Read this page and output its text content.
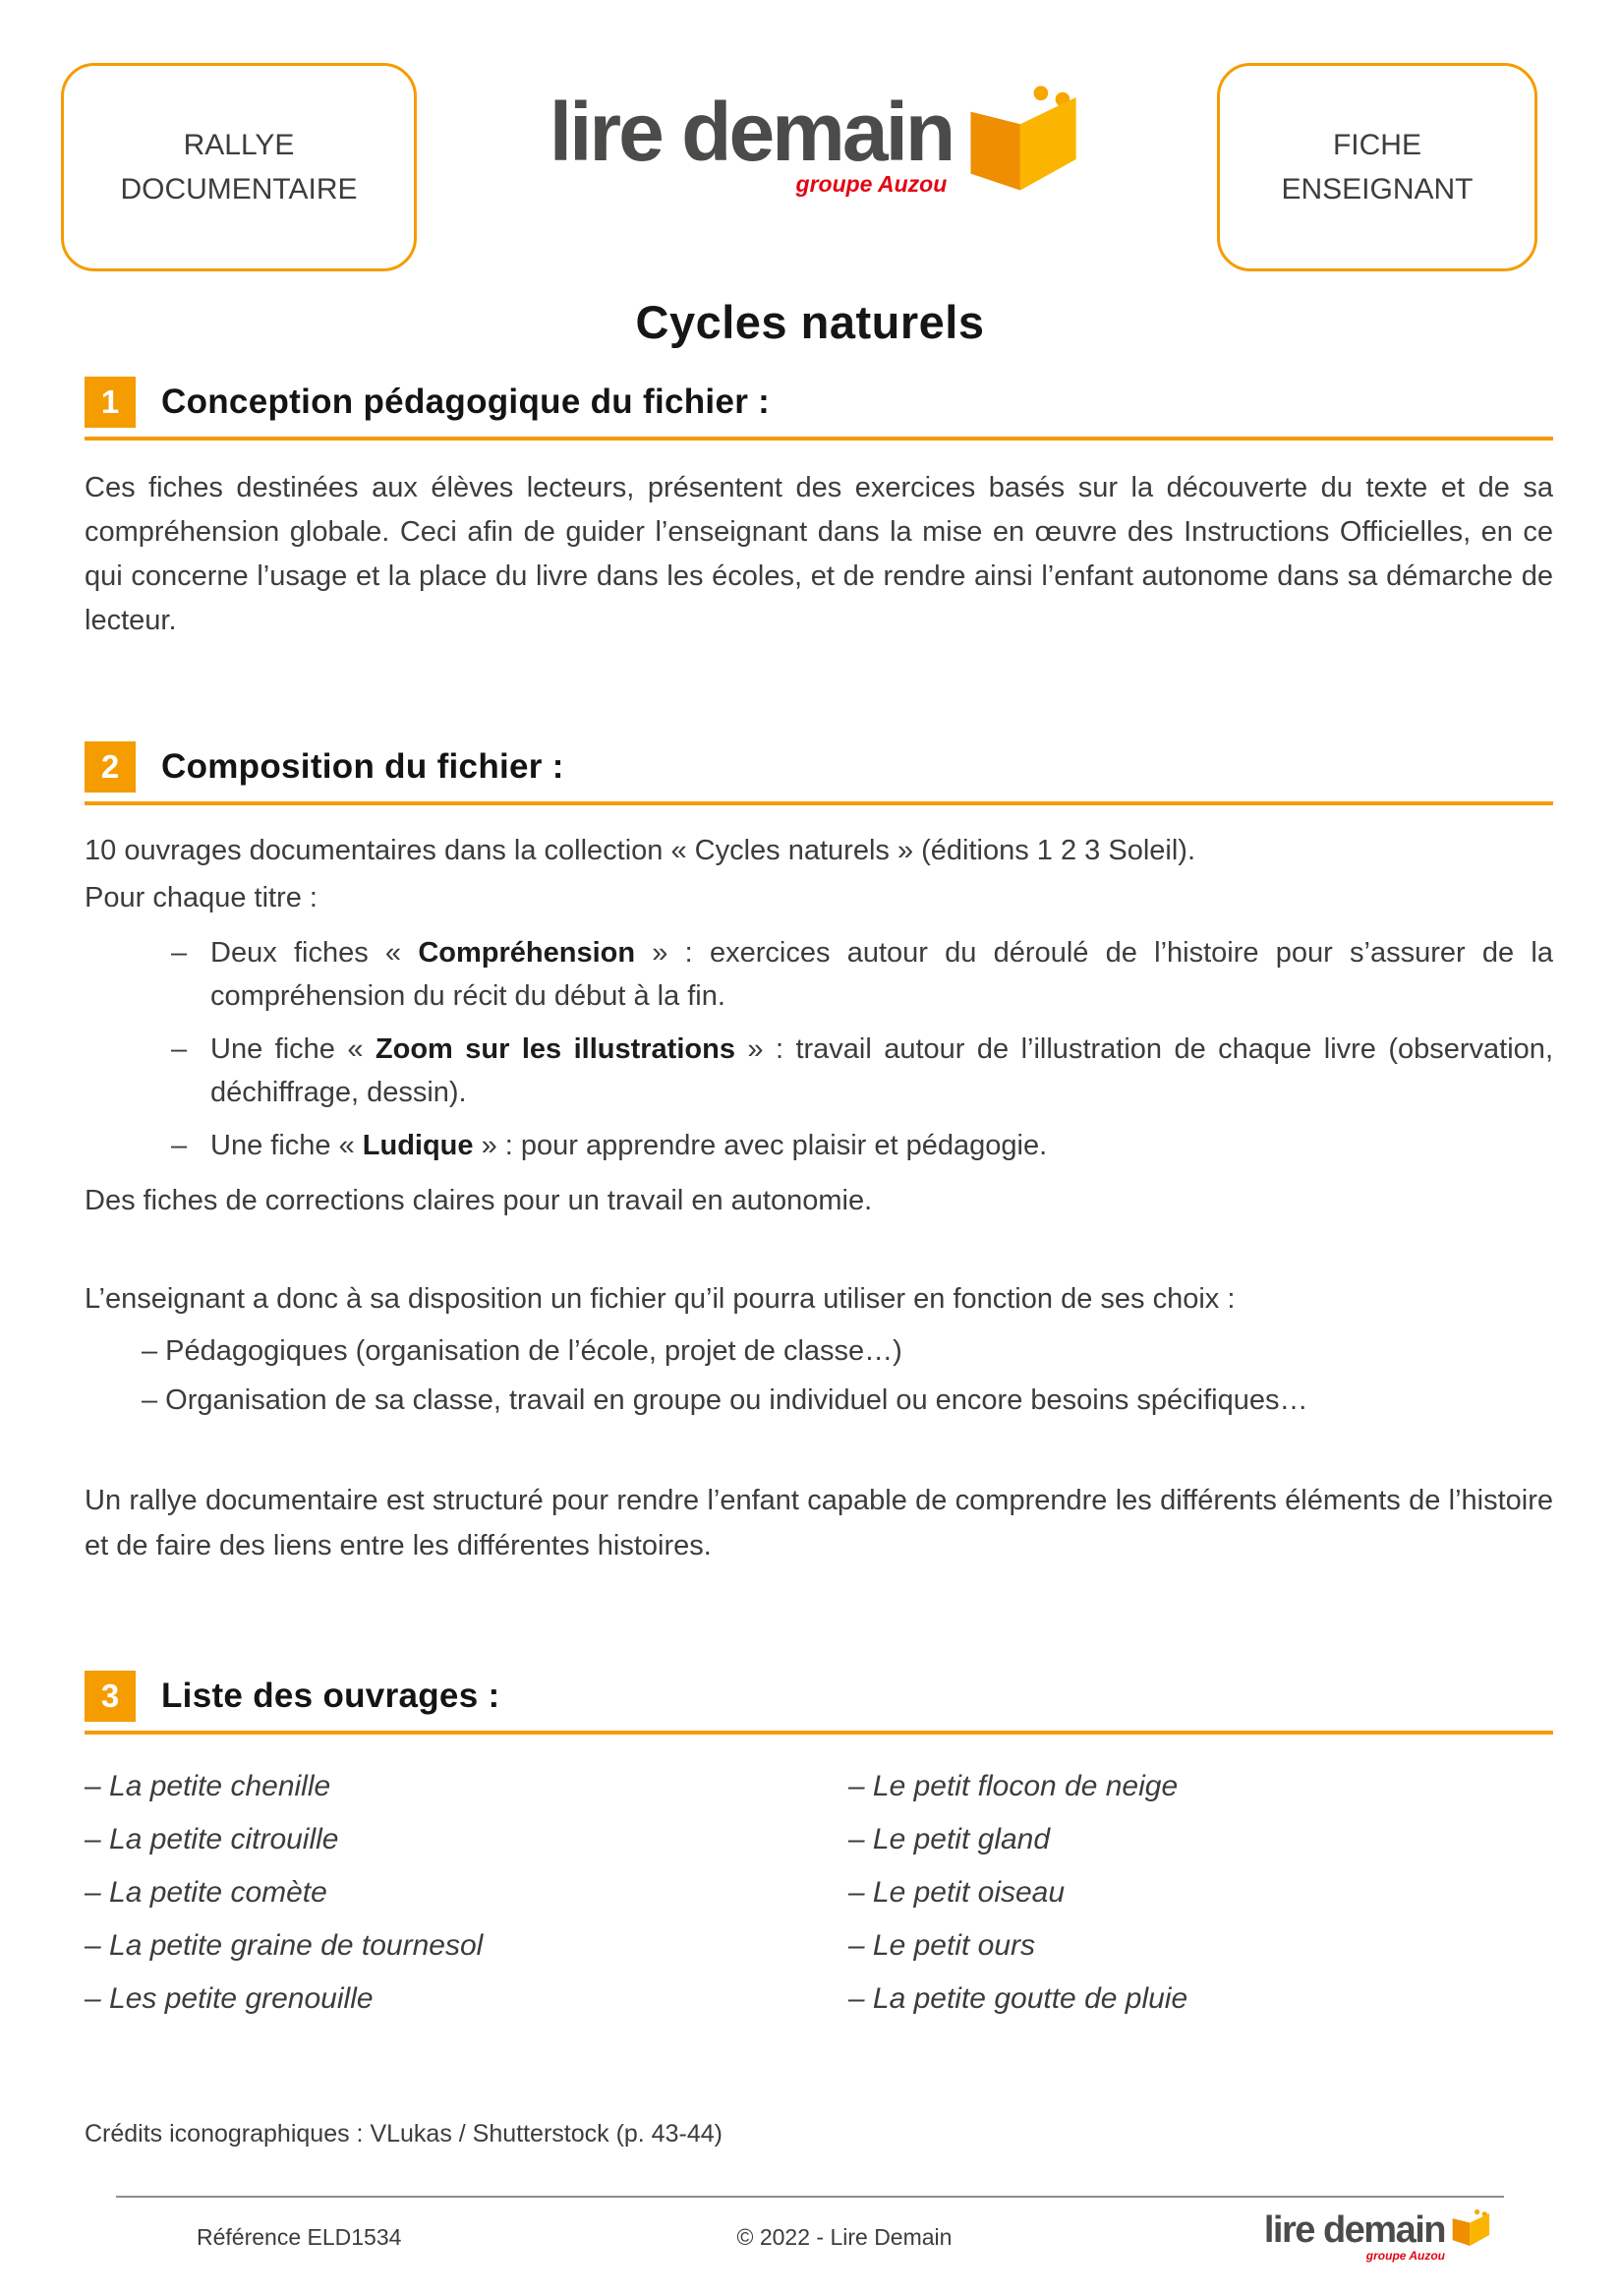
RALLYE
DOCUMENTAIRE
lire demain
groupe Auzou
FICHE
ENSEIGNANT
Cycles naturels
1	Conception pédagogique du fichier :

Ces fiches destinées aux élèves lecteurs, présentent des exercices basés sur la découverte du texte et de sa compréhension globale. Ceci afin de guider l’enseignant dans la mise en œuvre des Instructions Officielles, en ce qui concerne l’usage et la place du livre dans les écoles, et de rendre ainsi l’enfant autonome dans sa démarche de lecteur.

2	Composition du fichier :
10 ouvrages documentaires dans la collection « Cycles naturels » (éditions 1 2 3 Soleil).
Pour chaque titre :
– Deux fiches « Compréhension » : exercices autour du déroulé de l’histoire pour s’assurer de la compréhension du récit du début à la fin.
– Une fiche « Zoom sur les illustrations » : travail autour de l’illustration de chaque livre (observation, déchiffrage, dessin).
– Une fiche « Ludique » : pour apprendre avec plaisir et pédagogie.
Des fiches de corrections claires pour un travail en autonomie.
L’enseignant a donc à sa disposition un fichier qu’il pourra utiliser en fonction de ses choix :
– Pédagogiques (organisation de l’école, projet de classe…)
– Organisation de sa classe, travail en groupe ou individuel ou encore besoins spécifiques…

Un rallye documentaire est structuré pour rendre l’enfant capable de comprendre les différents éléments de l’histoire et de faire des liens entre les différentes histoires.

3	Liste des ouvrages :
– La petite chenille
– La petite citrouille
– La petite comète
– La petite graine de tournesol
– Les petite grenouille
– Le petit flocon de neige
– Le petit gland
– Le petit oiseau
– Le petit ours
– La petite goutte de pluie
Crédits iconographiques : VLukas / Shutterstock (p. 43-44)
Référence ELD1534	© 2022 - Lire Demain	lire demain
groupe Auzou
